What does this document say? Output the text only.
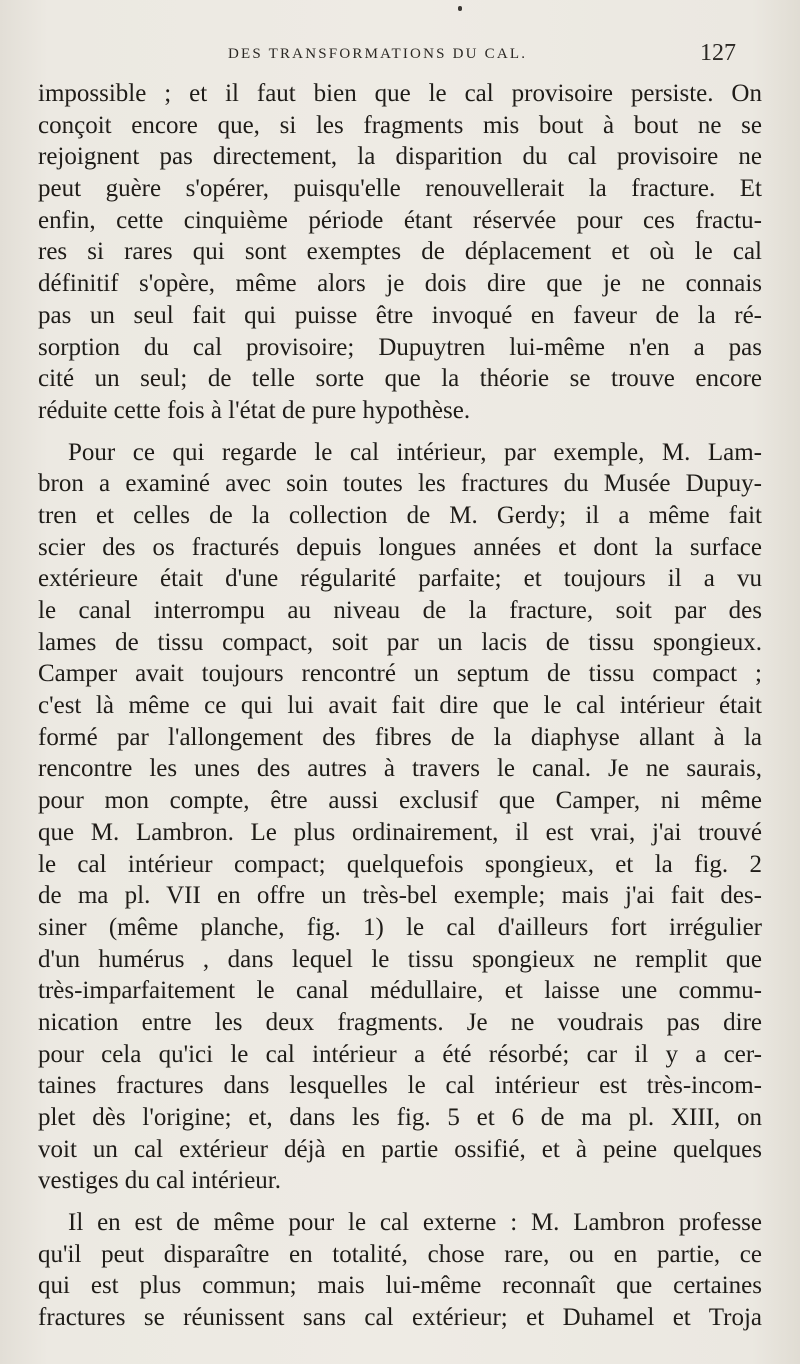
DES TRANSFORMATIONS DU CAL.	127
impossible ; et il faut bien que le cal provisoire persiste. On
conçoit encore que, si les fragments mis bout à bout ne se
rejoignent pas directement, la disparition du cal provisoire ne
peut guère s'opérer, puisqu'elle renouvellerait la fracture. Et
enfin, cette cinquième période étant réservée pour ces fractu-
res si rares qui sont exemptes de déplacement et où le cal
définitif s'opère, même alors je dois dire que je ne connais
pas un seul fait qui puisse être invoqué en faveur de la ré-
sorption du cal provisoire; Dupuytren lui-même n'en a pas
cité un seul; de telle sorte que la théorie se trouve encore
réduite cette fois à l'état de pure hypothèse.
Pour ce qui regarde le cal intérieur, par exemple, M. Lam-
bron a examiné avec soin toutes les fractures du Musée Dupuy-
tren et celles de la collection de M. Gerdy; il a même fait
scier des os fracturés depuis longues années et dont la surface
extérieure était d'une régularité parfaite; et toujours il a vu
le canal interrompu au niveau de la fracture, soit par des
lames de tissu compact, soit par un lacis de tissu spongieux.
Camper avait toujours rencontré un septum de tissu compact ;
c'est là même ce qui lui avait fait dire que le cal intérieur était
formé par l'allongement des fibres de la diaphyse allant à la
rencontre les unes des autres à travers le canal. Je ne saurais,
pour mon compte, être aussi exclusif que Camper, ni même
que M. Lambron. Le plus ordinairement, il est vrai, j'ai trouvé
le cal intérieur compact; quelquefois spongieux, et la fig. 2
de ma pl. VII en offre un très-bel exemple; mais j'ai fait des-
siner (même planche, fig. 1) le cal d'ailleurs fort irrégulier
d'un humérus , dans lequel le tissu spongieux ne remplit que
très-imparfaitement le canal médullaire, et laisse une commu-
nication entre les deux fragments. Je ne voudrais pas dire
pour cela qu'ici le cal intérieur a été résorbé; car il y a cer-
taines fractures dans lesquelles le cal intérieur est très-incom-
plet dès l'origine; et, dans les fig. 5 et 6 de ma pl. XIII, on
voit un cal extérieur déjà en partie ossifié, et à peine quelques
vestiges du cal intérieur.
Il en est de même pour le cal externe : M. Lambron professe
qu'il peut disparaître en totalité, chose rare, ou en partie, ce
qui est plus commun; mais lui-même reconnaît que certaines
fractures se réunissent sans cal extérieur; et Duhamel et Troja
